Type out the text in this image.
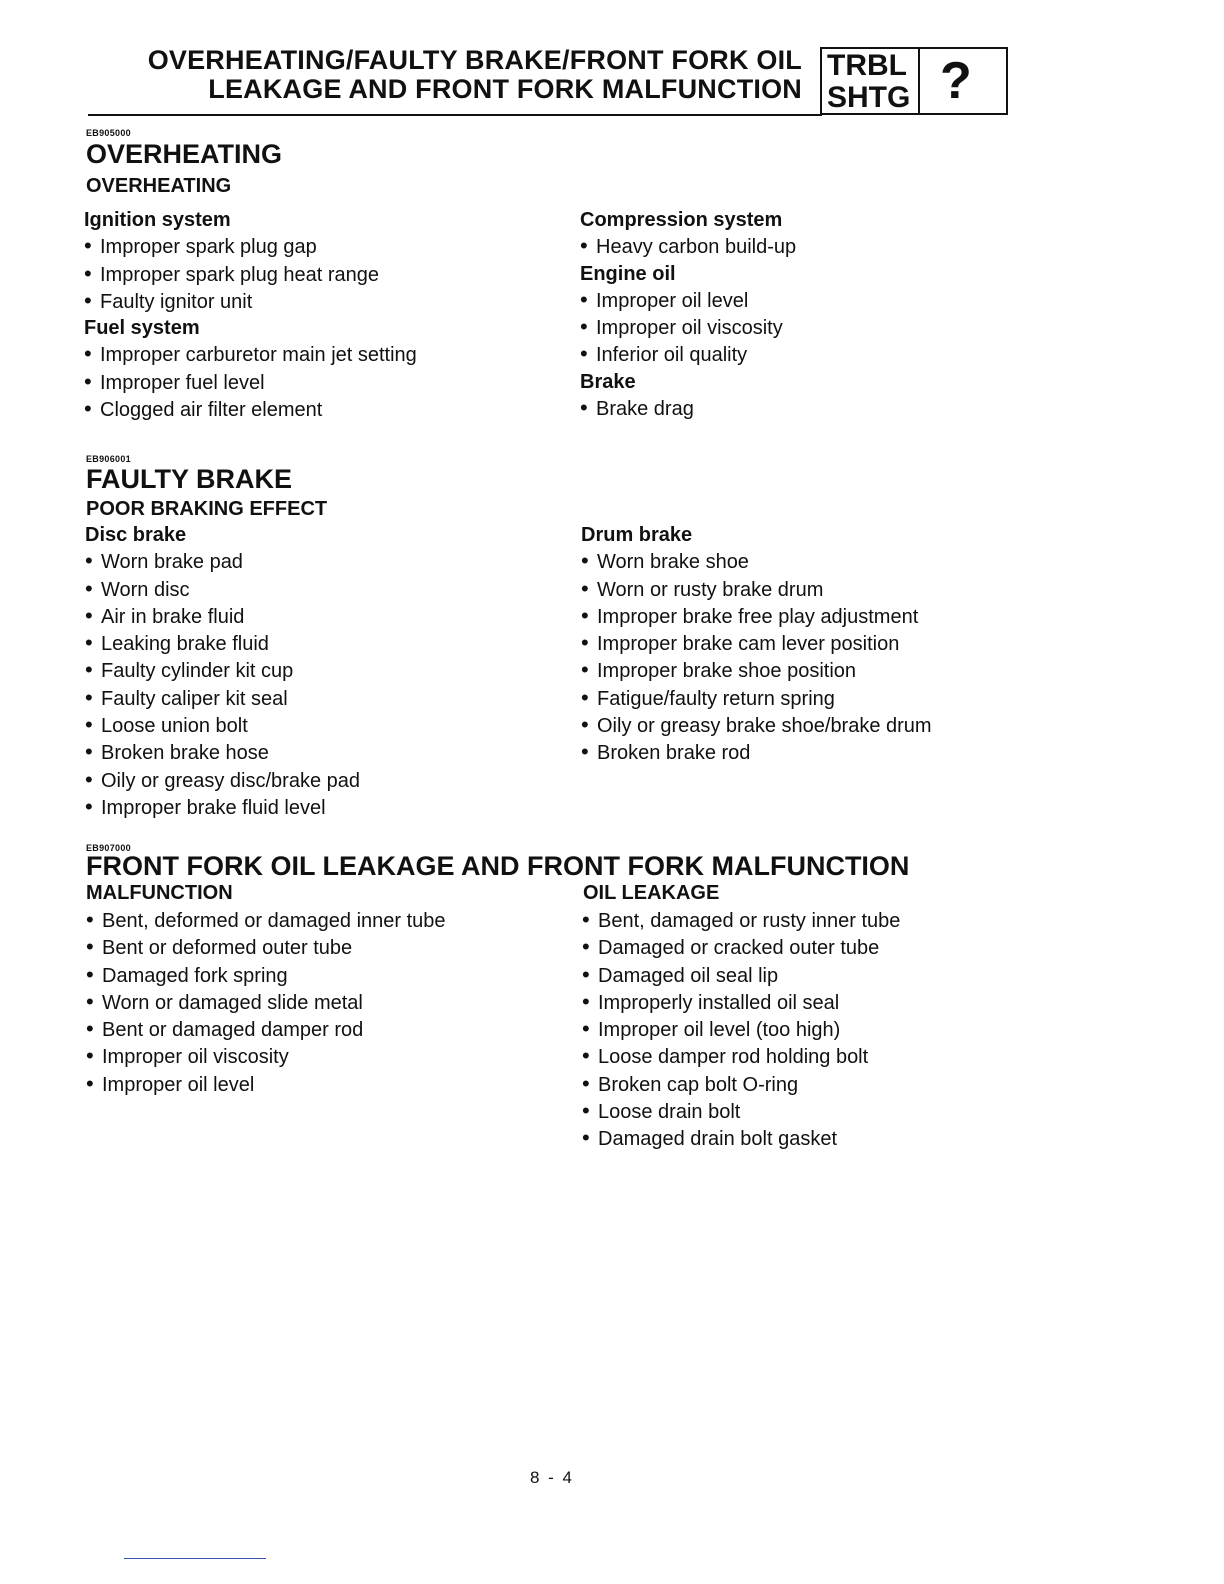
OVERHEATING/FAULTY BRAKE/FRONT FORK OIL
LEAKAGE AND FRONT FORK MALFUNCTION
TRBL
SHTG ?
EB905000
OVERHEATING
OVERHEATING
Ignition system
• Improper spark plug gap
• Improper spark plug heat range
• Faulty ignitor unit
Fuel system
• Improper carburetor main jet setting
• Improper fuel level
• Clogged air filter element
Compression system
• Heavy carbon build-up
Engine oil
• Improper oil level
• Improper oil viscosity
• Inferior oil quality
Brake
• Brake drag
EB906001
FAULTY BRAKE
POOR BRAKING EFFECT
Disc brake
• Worn brake pad
• Worn disc
• Air in brake fluid
• Leaking brake fluid
• Faulty cylinder kit cup
• Faulty caliper kit seal
• Loose union bolt
• Broken brake hose
• Oily or greasy disc/brake pad
• Improper brake fluid level
Drum brake
• Worn brake shoe
• Worn or rusty brake drum
• Improper brake free play adjustment
• Improper brake cam lever position
• Improper brake shoe position
• Fatigue/faulty return spring
• Oily or greasy brake shoe/brake drum
• Broken brake rod
EB907000
FRONT FORK OIL LEAKAGE AND FRONT FORK MALFUNCTION
MALFUNCTION	OIL LEAKAGE
• Bent, deformed or damaged inner tube
• Bent or deformed outer tube
• Damaged fork spring
• Worn or damaged slide metal
• Bent or damaged damper rod
• Improper oil viscosity
• Improper oil level
• Bent, damaged or rusty inner tube
• Damaged or cracked outer tube
• Damaged oil seal lip
• Improperly installed oil seal
• Improper oil level (too high)
• Loose damper rod holding bolt
• Broken cap bolt O-ring
• Loose drain bolt
• Damaged drain bolt gasket
8 - 4
